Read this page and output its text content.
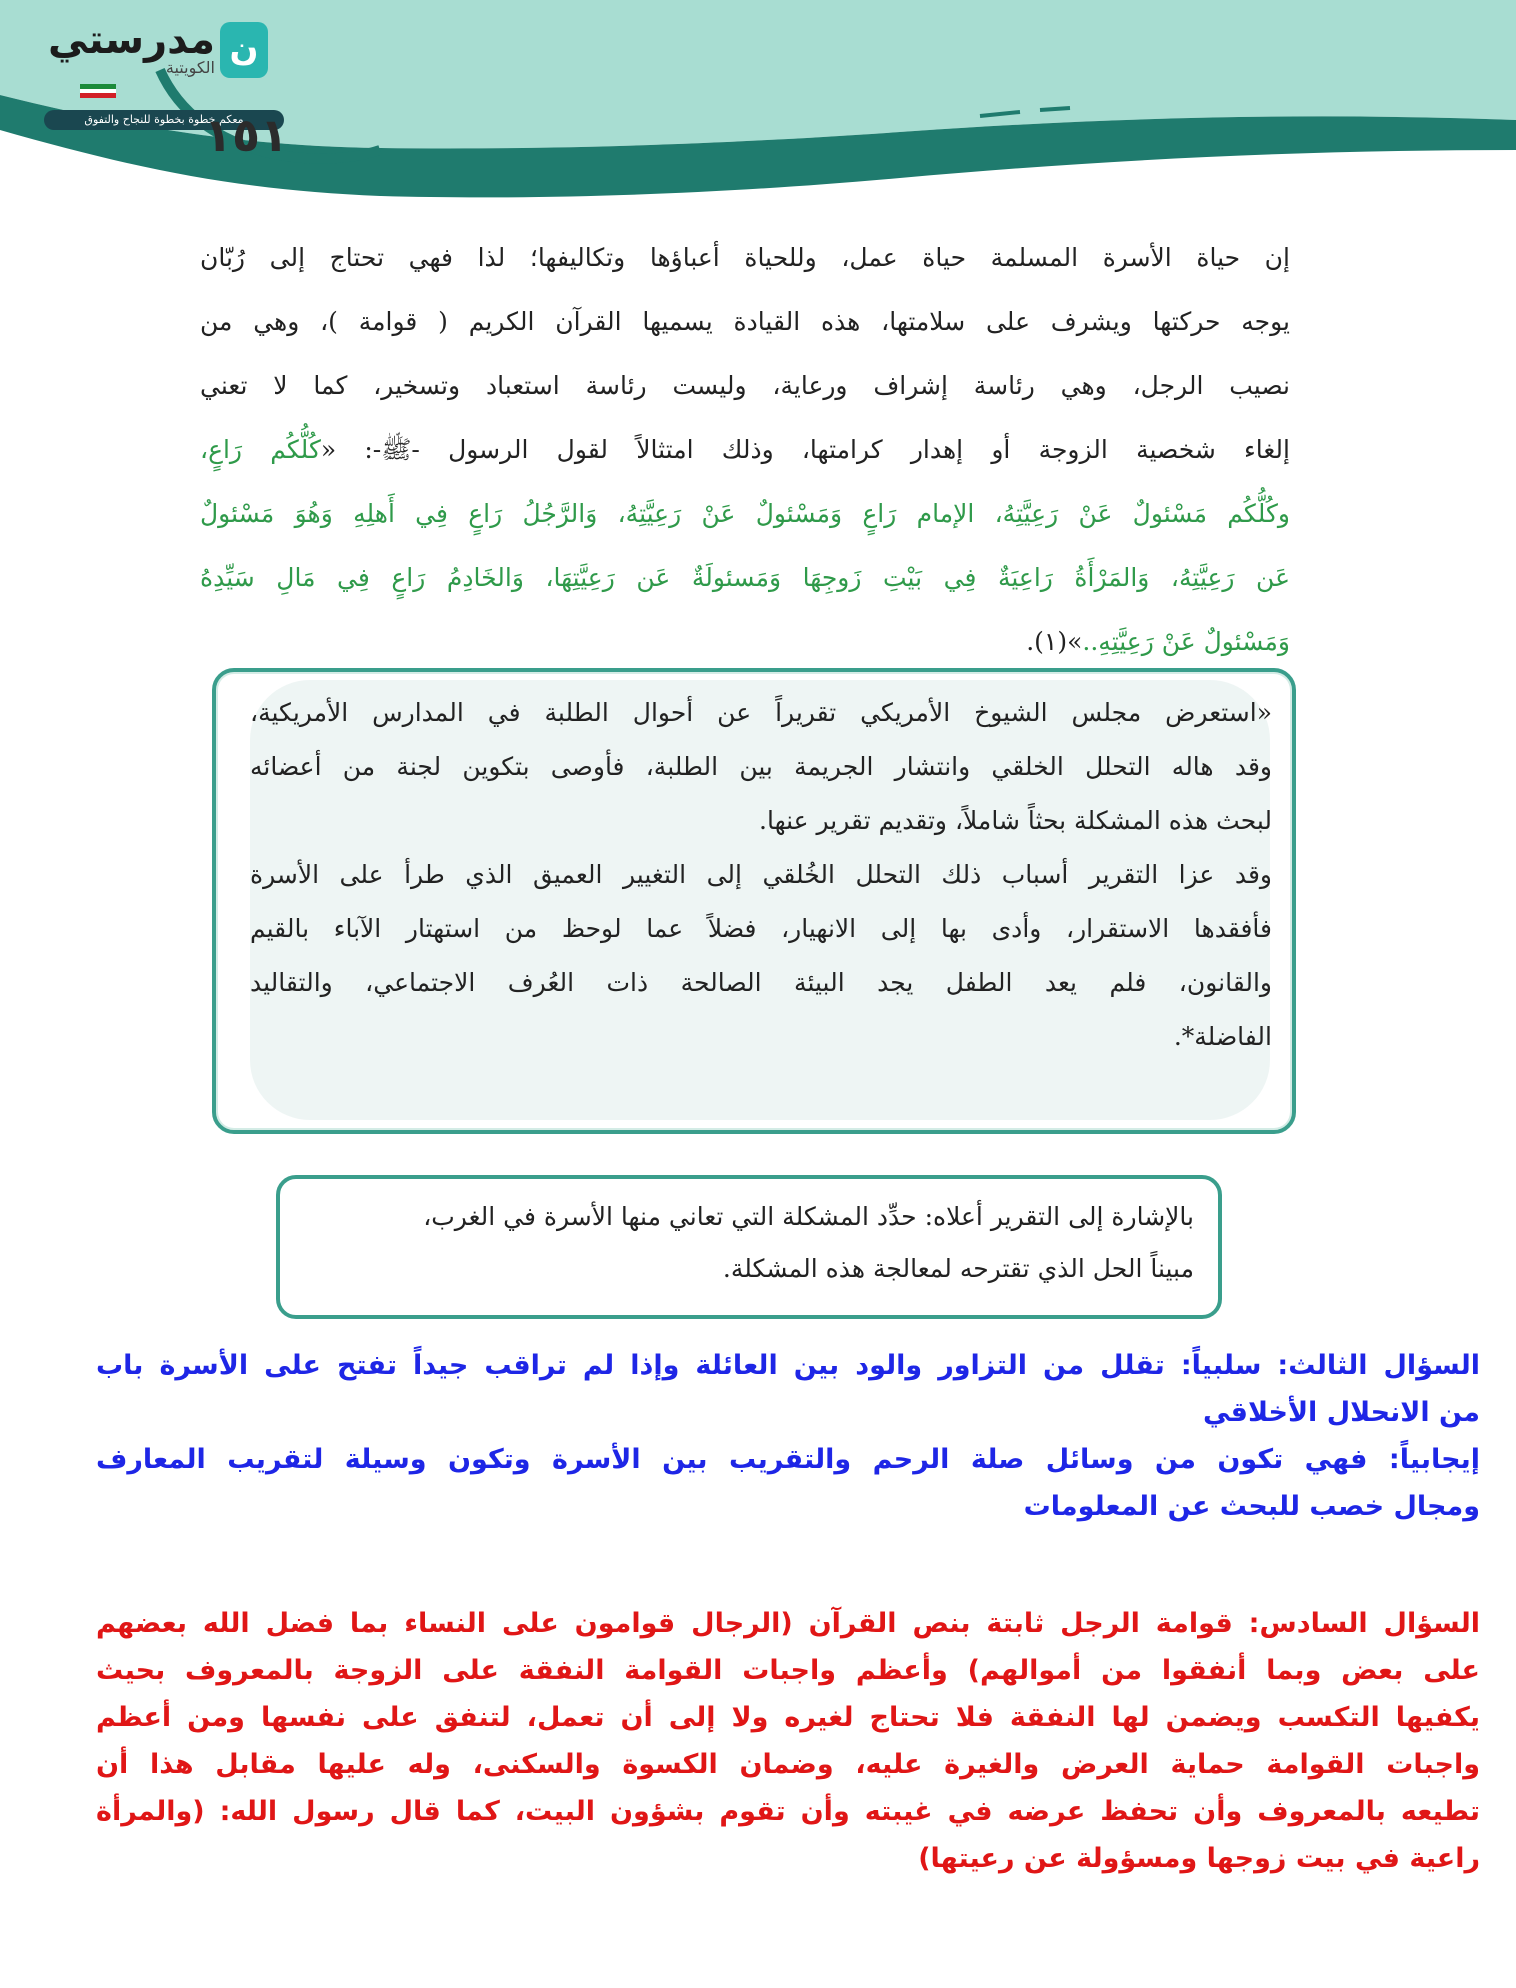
مدرستي
الكويتية ن
معكم خطوة بخطوة للنجاح والتفوق
١٥١
إن حياة الأسرة المسلمة حياة عمل، وللحياة أعباؤها وتكاليفها؛ لذا فهي تحتاج إلى رُبّان
يوجه حركتها ويشرف على سلامتها، هذه القيادة يسميها القرآن الكريم ( قوامة )، وهي من
نصيب الرجل، وهي رئاسة إشراف ورعاية، وليست رئاسة استعباد وتسخير، كما لا تعني
إلغاء شخصية الزوجة أو إهدار كرامتها، وذلك امتثالاً لقول الرسول -ﷺ-: «كُلُّكُم رَاعٍ،
وكُلُّكُم مَسْئولٌ عَنْ رَعِيَّتِهُ، الإمام رَاعٍ وَمَسْئولٌ عَنْ رَعِيَّتِهُ، وَالرَّجُلُ رَاعٍ فِي أَهلِهِ وَهُوَ مَسْئولٌ
عَن رَعِيَّتِهُ، وَالمَرْأَةُ رَاعِيَةٌ فِي بَيْتِ زَوجِهَا وَمَسئولَةٌ عَن رَعِيَّتِهَا، وَالخَادِمُ رَاعٍ فِي مَالِ سَيِّدِهُ
وَمَسْئولٌ عَنْ رَعِيَّتِهِ..»(١).
«استعرض مجلس الشيوخ الأمريكي تقريراً عن أحوال الطلبة في المدارس الأمريكية،
وقد هاله التحلل الخلقي وانتشار الجريمة بين الطلبة، فأوصى بتكوين لجنة من أعضائه
لبحث هذه المشكلة بحثاً شاملاً، وتقديم تقرير عنها.
وقد عزا التقرير أسباب ذلك التحلل الخُلقي إلى التغيير العميق الذي طرأ على الأسرة
فأفقدها الاستقرار، وأدى بها إلى الانهيار، فضلاً عما لوحظ من استهتار الآباء بالقيم
والقانون، فلم يعد الطفل يجد البيئة الصالحة ذات العُرف الاجتماعي، والتقاليد
الفاضلة*.
بالإشارة إلى التقرير أعلاه: حدِّد المشكلة التي تعاني منها الأسرة في الغرب،
مبيناً الحل الذي تقترحه لمعالجة هذه المشكلة.
السؤال الثالث: سلبياً: تقلل من التزاور والود بين العائلة وإذا لم تراقب جيداً تفتح على الأسرة باب
من الانحلال الأخلاقي
إيجابياً: فهي تكون من وسائل صلة الرحم والتقريب بين الأسرة وتكون وسيلة لتقريب المعارف
ومجال خصب للبحث عن المعلومات
السؤال السادس: قوامة الرجل ثابتة بنص القرآن (الرجال قوامون على النساء بما فضل الله بعضهم
على بعض وبما أنفقوا من أموالهم) وأعظم واجبات القوامة النفقة على الزوجة بالمعروف بحيث
يكفيها التكسب ويضمن لها النفقة فلا تحتاج لغيره ولا إلى أن تعمل، لتنفق على نفسها ومن أعظم
واجبات القوامة حماية العرض والغيرة عليه، وضمان الكسوة والسكنى، وله عليها مقابل هذا أن
تطيعه بالمعروف وأن تحفظ عرضه في غيبته وأن تقوم بشؤون البيت، كما قال رسول الله: (والمرأة
راعية في بيت زوجها ومسؤولة عن رعيتها)
